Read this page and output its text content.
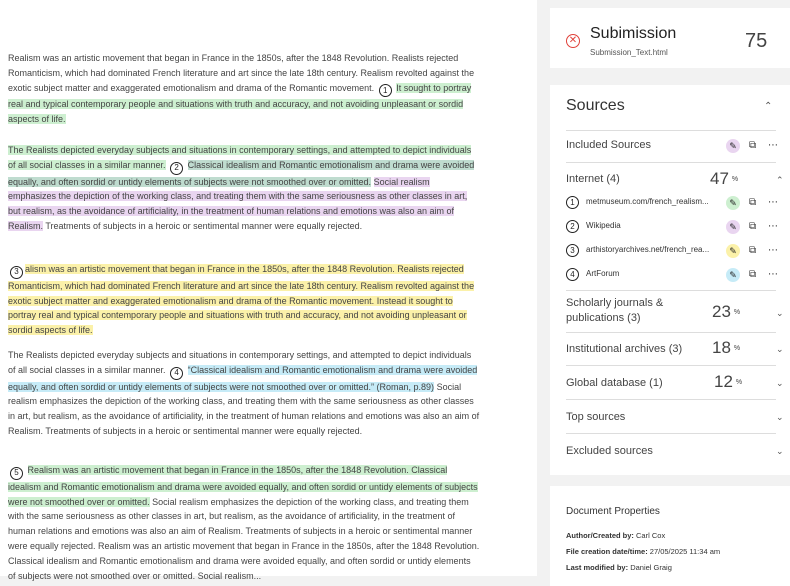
Realism was an artistic movement that began in France in the 1850s, after the 1848 Revolution. Realists rejected Romanticism, which had dominated French literature and art since the late 18th century. Realism revolted against the exotic subject matter and exaggerated emotionalism and drama of the Romantic movement. 1 It sought to portray real and typical contemporary people and situations with truth and accuracy, and not avoiding unpleasant or sordid aspects of life.
The Realists depicted everyday subjects and situations in contemporary settings, and attempted to depict individuals of all social classes in a similar manner. 2 Classical idealism and Romantic emotionalism and drama were avoided equally, and often sordid or untidy elements of subjects were not smoothed over or omitted. Social realism emphasizes the depiction of the working class, and treating them with the same seriousness as other classes in art, but realism, as the avoidance of artificiality, in the treatment of human relations and emotions was also an aim of Realism. Treatments of subjects in a heroic or sentimental manner were equally rejected.
3 alism was an artistic movement that began in France in the 1850s, after the 1848 Revolution. Realists rejected Romanticism, which had dominated French literature and art since the late 18th century. Realism revolted against the exotic subject matter and exaggerated emotionalism and drama of the Romantic movement. Instead it sought to portray real and typical contemporary people and situations with truth and accuracy, and not avoiding unpleasant or sordid aspects of life.
The Realists depicted everyday subjects and situations in contemporary settings, and attempted to depict individuals of all social classes in a similar manner. 4 “Classical idealism and Romantic emotionalism and drama were avoided equally, and often sordid or untidy elements of subjects were not smoothed over or omitted.” (Roman, p.89) Social realism emphasizes the depiction of the working class, and treating them with the same seriousness as other classes in art, but realism, as the avoidance of artificiality, in the treatment of human relations and emotions was also an aim of Realism. Treatments of subjects in a heroic or sentimental manner were equally rejected.
5 Realism was an artistic movement that began in France in the 1850s, after the 1848 Revolution. Classical idealism and Romantic emotionalism and drama were avoided equally, and often sordid or untidy elements of subjects were not smoothed over or omitted. Social realism emphasizes the depiction of the working class, and treating them with the same seriousness as other classes in art, but realism, as the avoidance of artificiality, in the treatment of human relations and emotions was also an aim of Realism. Treatments of subjects in a heroic or sentimental manner were equally rejected. Realism was an artistic movement that began in France in the 1850s, after the 1848 Revolution. Classical idealism and Romantic emotionalism and drama were avoided equally, and often sordid or untidy elements of subjects were not smoothed over or omitted. Social realism...
✕ Subimission
Submission_Text.html
75
Sources	⌃
Included Sources	✎	⧉ ⋯
Internet (4)	47 %	⌃
1	metmuseum.com/french_realism...	✎	⧉ ⋯
2	Wikipedia	✎	⧉ ⋯
3	arthistoryarchives.net/french_rea...	✎	⧉ ⋯
4	ArtForum	✎	⧉ ⋯
Scholarly journals & publications (3)	23 %	⌄
Institutional archives (3) 18 %	⌄
Global database (1)	12 %	⌄
Top sources	⌄
Excluded sources	⌄
Document Properties
Author/Created by: Carl Cox
File creation date/time: 27/05/2025 11:34 am
Last modified by: Daniel Graig
